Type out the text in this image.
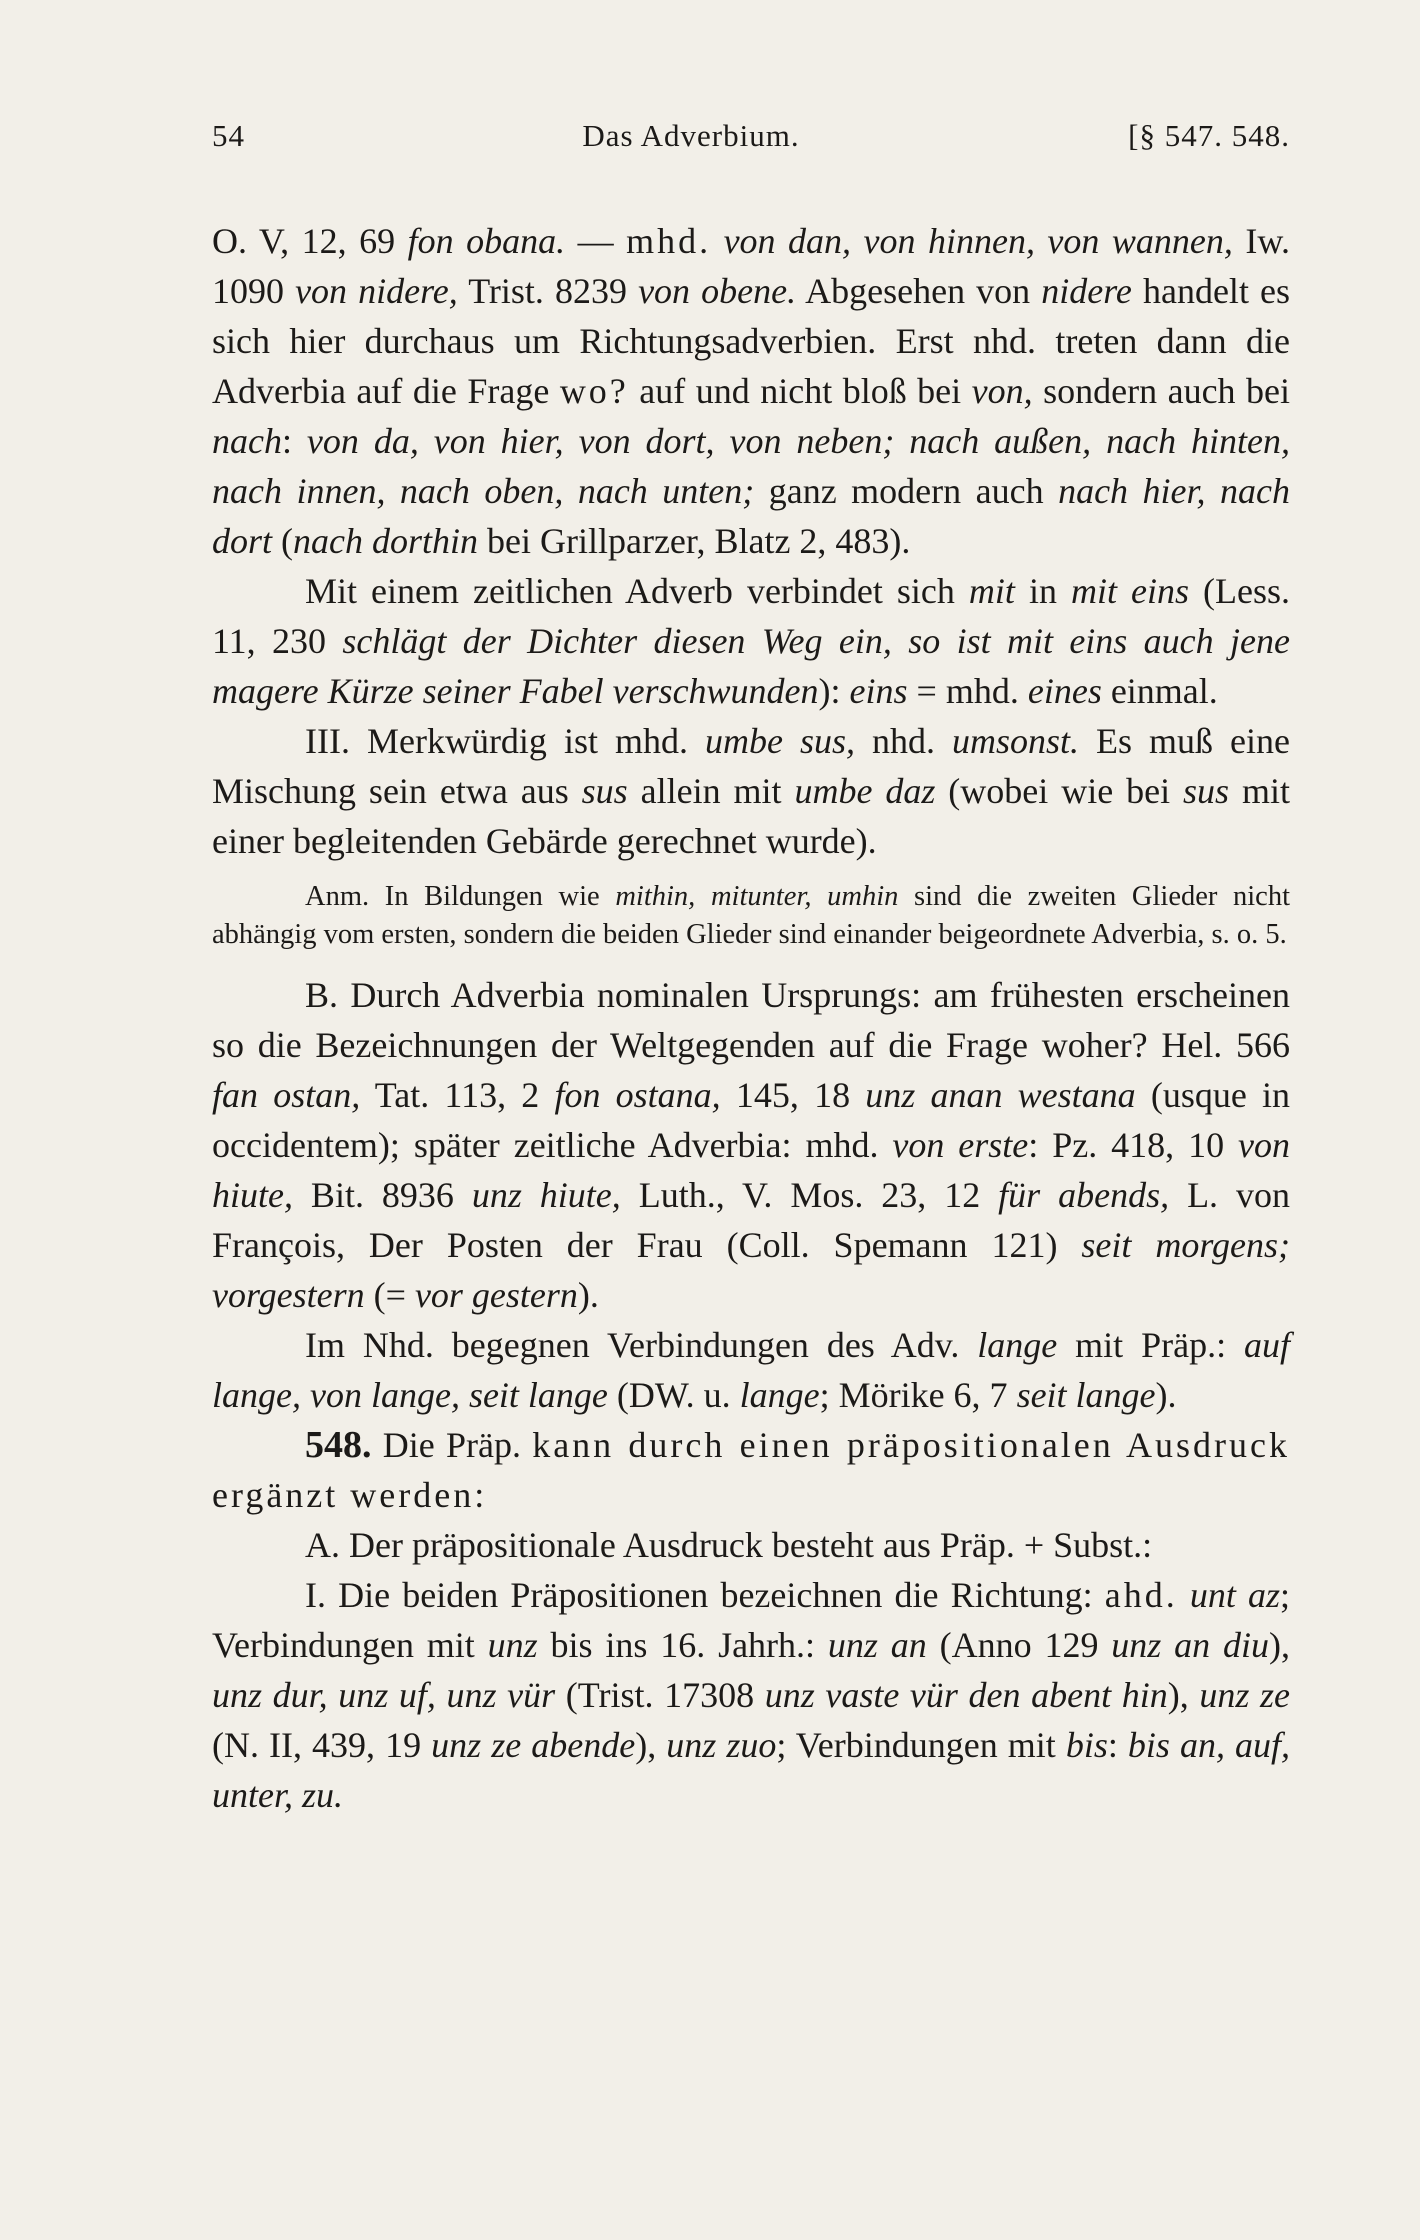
54	Das Adverbium.	[§ 547. 548.

O. V, 12, 69 fon obana. — mhd. von dan, von hinnen, von wannen, Iw. 1090 von nidere, Trist. 8239 von obene. Abgesehen von nidere handelt es sich hier durchaus um Richtungsadverbien. Erst nhd. treten dann die Adverbia auf die Frage wo? auf und nicht bloß bei von, sondern auch bei nach: von da, von hier, von dort, von neben; nach außen, nach hinten, nach innen, nach oben, nach unten; ganz modern auch nach hier, nach dort (nach dorthin bei Grillparzer, Blatz 2, 483).

Mit einem zeitlichen Adverb verbindet sich mit in mit eins (Less. 11, 230 schlägt der Dichter diesen Weg ein, so ist mit eins auch jene magere Kürze seiner Fabel verschwunden): eins = mhd. eines einmal.

III. Merkwürdig ist mhd. umbe sus, nhd. umsonst. Es muß eine Mischung sein etwa aus sus allein mit umbe daz (wobei wie bei sus mit einer begleitenden Gebärde gerechnet wurde).

Anm. In Bildungen wie mithin, mitunter, umhin sind die zweiten Glieder nicht abhängig vom ersten, sondern die beiden Glieder sind einander beigeordnete Adverbia, s. o. 5.

B. Durch Adverbia nominalen Ursprungs: am frühesten erscheinen so die Bezeichnungen der Weltgegenden auf die Frage woher? Hel. 566 fan ostan, Tat. 113, 2 fon ostana, 145, 18 unz anan westana (usque in occidentem); später zeitliche Adverbia: mhd. von erste: Pz. 418, 10 von hiute, Bit. 8936 unz hiute, Luth., V. Mos. 23, 12 für abends, L. von François, Der Posten der Frau (Coll. Spemann 121) seit morgens; vorgestern (= vor gestern).

Im Nhd. begegnen Verbindungen des Adv. lange mit Präp.: auf lange, von lange, seit lange (DW. u. lange; Mörike 6, 7 seit lange).

548. Die Präp. kann durch einen präpositionalen Ausdruck ergänzt werden:

A. Der präpositionale Ausdruck besteht aus Präp. + Subst.:

I. Die beiden Präpositionen bezeichnen die Richtung: ahd. unt az; Verbindungen mit unz bis ins 16. Jahrh.: unz an (Anno 129 unz an diu), unz dur, unz uf, unz vür (Trist. 17308 unz vaste vür den abent hin), unz ze (N. II, 439, 19 unz ze abende), unz zuo; Verbindungen mit bis: bis an, auf, unter, zu.
